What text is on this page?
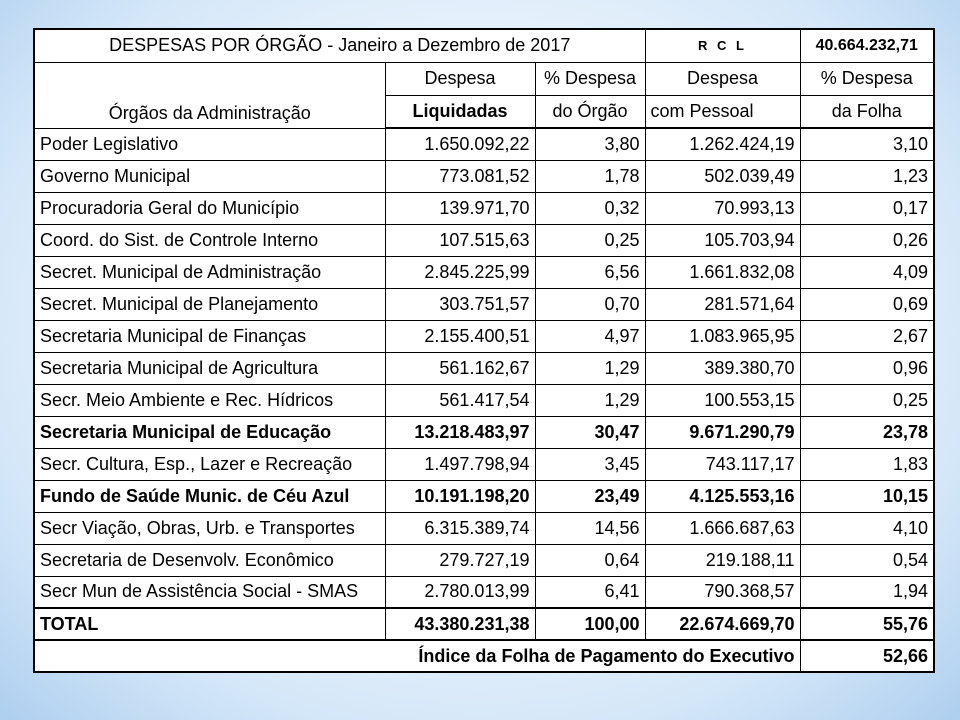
DESPESAS POR ÓRGÃO - Janeiro a Dezembro de 2017			R C L	40.664.232,71
Órgãos da Administração	Despesa	% Despesa	Despesa	% Despesa
	Liquidadas	do Órgão	com Pessoal	da Folha
Poder Legislativo	1.650.092,22	3,80	1.262.424,19	3,10
Governo Municipal	773.081,52	1,78	502.039,49	1,23
Procuradoria Geral do Município	139.971,70	0,32	70.993,13	0,17
Coord. do Sist. de Controle Interno	107.515,63	0,25	105.703,94	0,26
Secret. Municipal de Administração	2.845.225,99	6,56	1.661.832,08	4,09
Secret. Municipal de Planejamento	303.751,57	0,70	281.571,64	0,69
Secretaria Municipal de Finanças	2.155.400,51	4,97	1.083.965,95	2,67
Secretaria Municipal de Agricultura	561.162,67	1,29	389.380,70	0,96
Secr. Meio Ambiente e Rec. Hídricos	561.417,54	1,29	100.553,15	0,25
Secretaria Municipal de Educação	13.218.483,97	30,47	9.671.290,79	23,78
Secr. Cultura, Esp., Lazer e Recreação	1.497.798,94	3,45	743.117,17	1,83
Fundo de Saúde Munic. de Céu Azul	10.191.198,20	23,49	4.125.553,16	10,15
Secr Viação, Obras, Urb. e Transportes	6.315.389,74	14,56	1.666.687,63	4,10
Secretaria de Desenvolv. Econômico	279.727,19	0,64	219.188,11	0,54
Secr Mun de Assistência Social - SMAS	2.780.013,99	6,41	790.368,57	1,94
TOTAL	43.380.231,38	100,00	22.674.669,70	55,76
Índice da Folha de Pagamento do Executivo				52,66
